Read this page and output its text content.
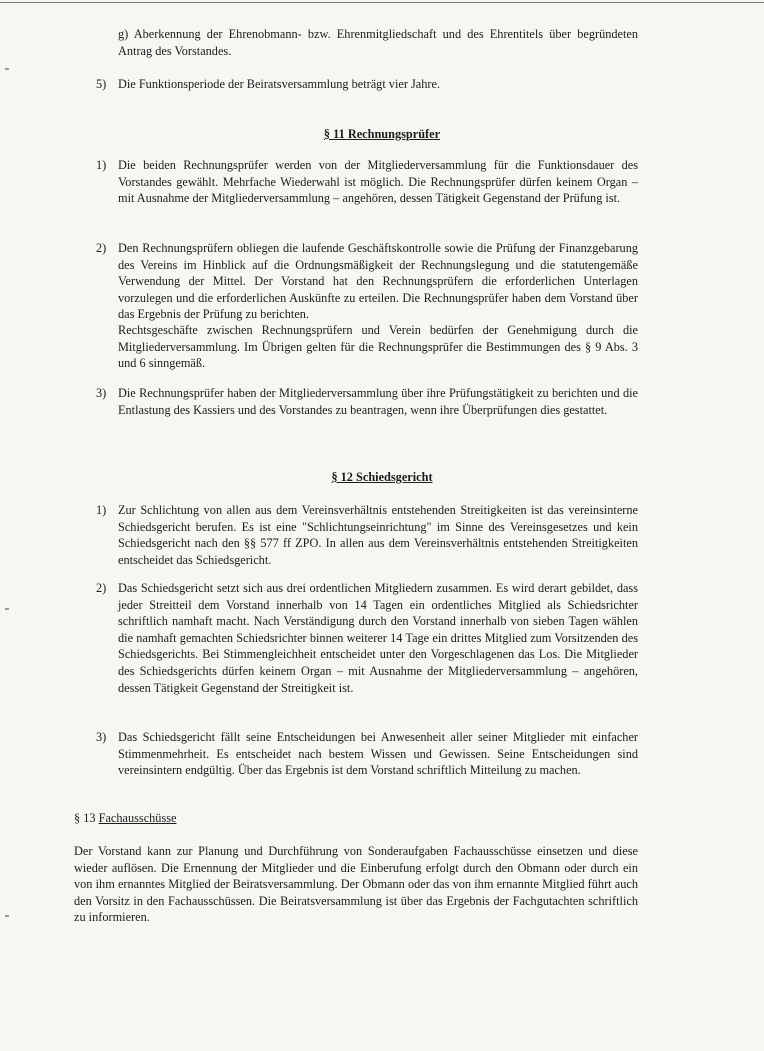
g) Aberkennung der Ehrenobmann- bzw. Ehrenmitgliedschaft und des Ehrentitels über begründeten Antrag des Vorstandes.
5) Die Funktionsperiode der Beiratsversammlung beträgt vier Jahre.
§ 11 Rechnungsprüfer
1) Die beiden Rechnungsprüfer werden von der Mitgliederversammlung für die Funktionsdauer des Vorstandes gewählt. Mehrfache Wiederwahl ist möglich. Die Rechnungsprüfer dürfen keinem Organ – mit Ausnahme der Mitgliederversammlung – angehören, dessen Tätigkeit Gegenstand der Prüfung ist.
2) Den Rechnungsprüfern obliegen die laufende Geschäftskontrolle sowie die Prüfung der Finanzgebarung des Vereins im Hinblick auf die Ordnungsmäßigkeit der Rechnungslegung und die statutengemäße Verwendung der Mittel. Der Vorstand hat den Rechnungsprüfern die erforderlichen Unterlagen vorzulegen und die erforderlichen Auskünfte zu erteilen. Die Rechnungsprüfer haben dem Vorstand über das Ergebnis der Prüfung zu berichten.
Rechtsgeschäfte zwischen Rechnungsprüfern und Verein bedürfen der Genehmigung durch die Mitgliederversammlung. Im Übrigen gelten für die Rechnungsprüfer die Bestimmungen des § 9 Abs. 3 und 6 sinngemäß.
3) Die Rechnungsprüfer haben der Mitgliederversammlung über ihre Prüfungstätigkeit zu berichten und die Entlastung des Kassiers und des Vorstandes zu beantragen, wenn ihre Überprüfungen dies gestattet.
§ 12 Schiedsgericht
1) Zur Schlichtung von allen aus dem Vereinsverhältnis entstehenden Streitigkeiten ist das vereinsinterne Schiedsgericht berufen. Es ist eine "Schlichtungseinrichtung" im Sinne des Vereinsgesetzes und kein Schiedsgericht nach den §§ 577 ff ZPO. In allen aus dem Vereinsverhältnis entstehenden Streitigkeiten entscheidet das Schiedsgericht.
2) Das Schiedsgericht setzt sich aus drei ordentlichen Mitgliedern zusammen. Es wird derart gebildet, dass jeder Streitteil dem Vorstand innerhalb von 14 Tagen ein ordentliches Mitglied als Schiedsrichter schriftlich namhaft macht. Nach Verständigung durch den Vorstand innerhalb von sieben Tagen wählen die namhaft gemachten Schiedsrichter binnen weiterer 14 Tage ein drittes Mitglied zum Vorsitzenden des Schiedsgerichts. Bei Stimmengleichheit entscheidet unter den Vorgeschlagenen das Los. Die Mitglieder des Schiedsgerichts dürfen keinem Organ – mit Ausnahme der Mitgliederversammlung – angehören, dessen Tätigkeit Gegenstand der Streitigkeit ist.
3) Das Schiedsgericht fällt seine Entscheidungen bei Anwesenheit aller seiner Mitglieder mit einfacher Stimmenmehrheit. Es entscheidet nach bestem Wissen und Gewissen. Seine Entscheidungen sind vereinsintern endgültig. Über das Ergebnis ist dem Vorstand schriftlich Mitteilung zu machen.
§ 13 Fachausschüsse
Der Vorstand kann zur Planung und Durchführung von Sonderaufgaben Fachausschüsse einsetzen und diese wieder auflösen. Die Ernennung der Mitglieder und die Einberufung erfolgt durch den Obmann oder durch ein von ihm ernanntes Mitglied der Beiratsversammlung. Der Obmann oder das von ihm ernannte Mitglied führt auch den Vorsitz in den Fachausschüssen. Die Beiratsversammlung ist über das Ergebnis der Fachgutachten schriftlich zu informieren.
